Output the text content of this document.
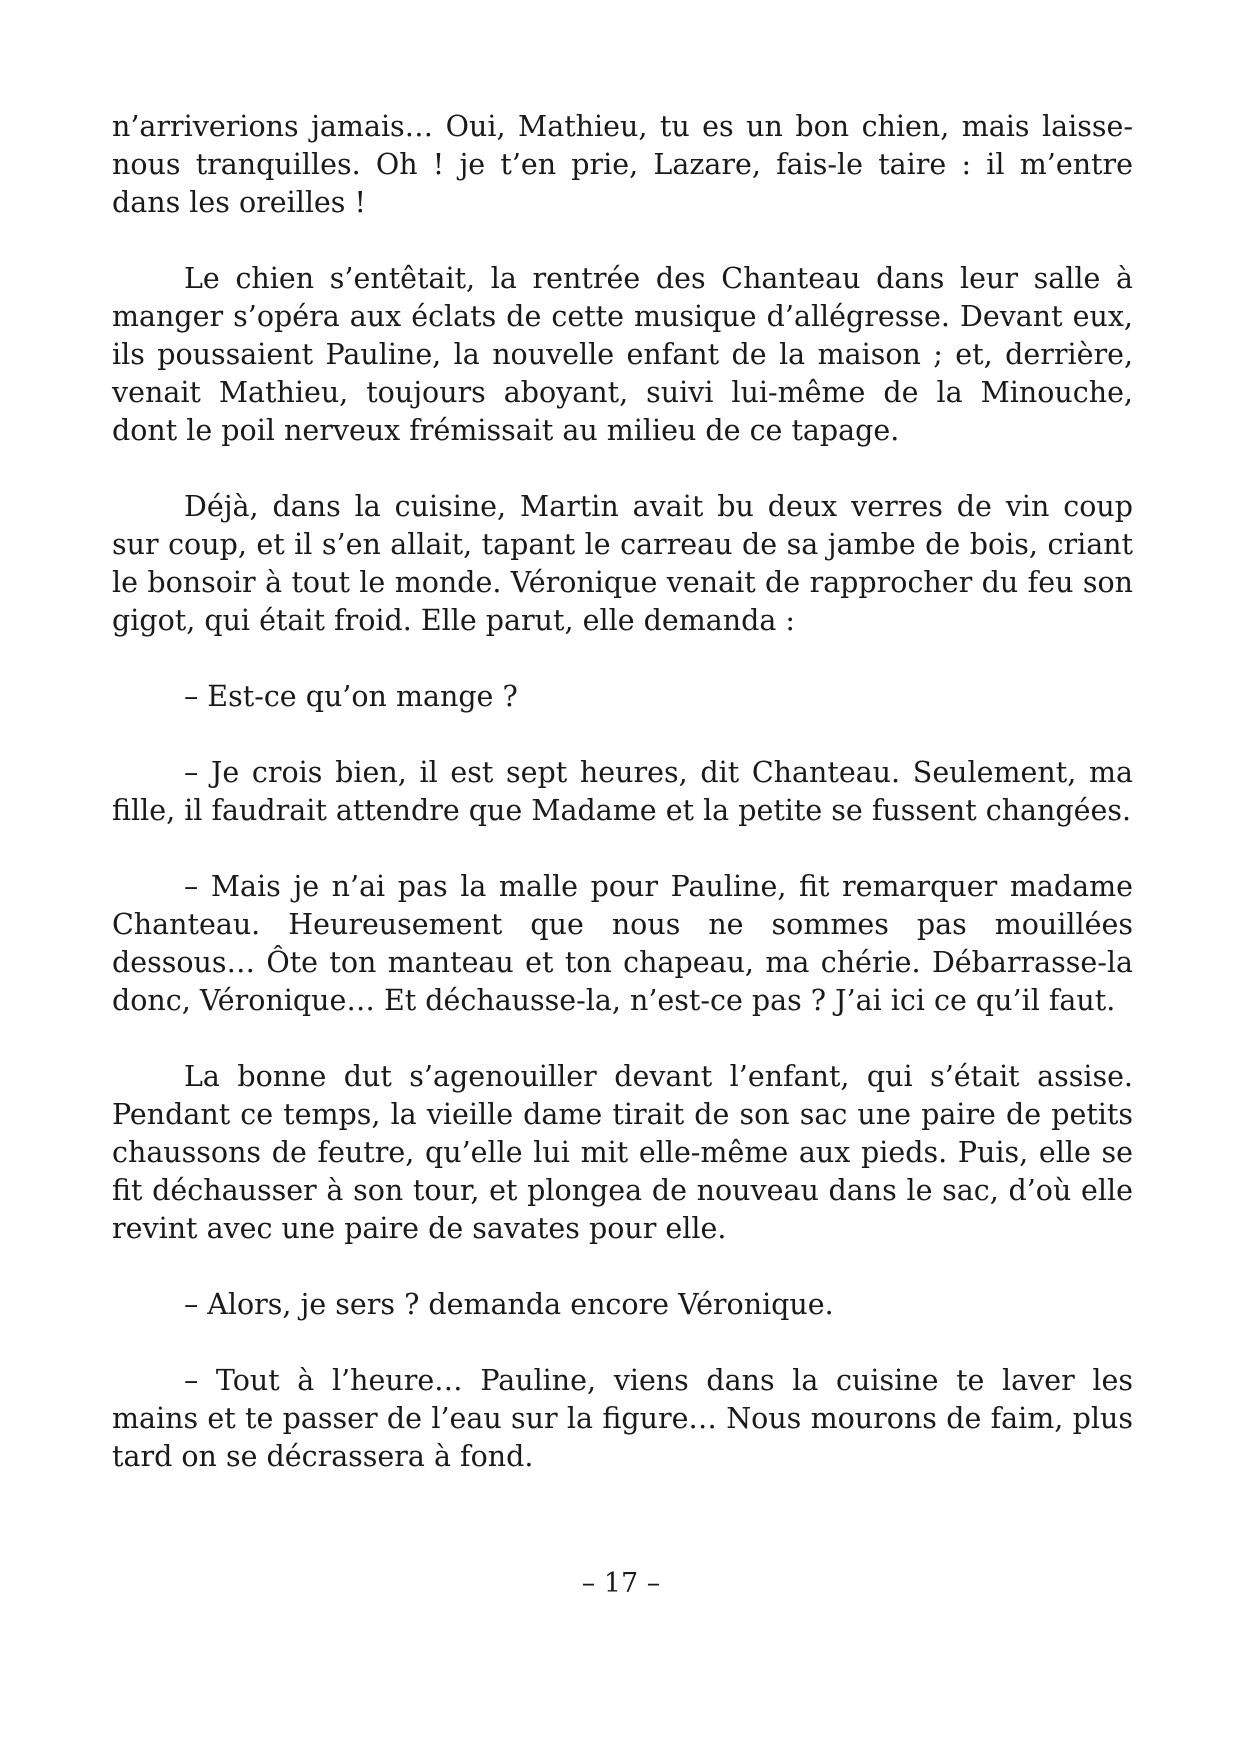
n’arriverions jamais… Oui, Mathieu, tu es un bon chien, mais laisse-nous tranquilles. Oh ! je t’en prie, Lazare, fais-le taire : il m’entre dans les oreilles !

Le chien s’entêtait, la rentrée des Chanteau dans leur salle à manger s’opéra aux éclats de cette musique d’allégresse. Devant eux, ils poussaient Pauline, la nouvelle enfant de la maison ; et, derrière, venait Mathieu, toujours aboyant, suivi lui-même de la Minouche, dont le poil nerveux frémissait au milieu de ce tapage.

Déjà, dans la cuisine, Martin avait bu deux verres de vin coup sur coup, et il s’en allait, tapant le carreau de sa jambe de bois, criant le bonsoir à tout le monde. Véronique venait de rapprocher du feu son gigot, qui était froid. Elle parut, elle demanda :

– Est-ce qu’on mange ?

– Je crois bien, il est sept heures, dit Chanteau. Seulement, ma fille, il faudrait attendre que Madame et la petite se fussent changées.

– Mais je n’ai pas la malle pour Pauline, fit remarquer madame Chanteau. Heureusement que nous ne sommes pas mouillées dessous… Ôte ton manteau et ton chapeau, ma chérie. Débarrasse-la donc, Véronique… Et déchausse-la, n’est-ce pas ? J’ai ici ce qu’il faut.

La bonne dut s’agenouiller devant l’enfant, qui s’était assise. Pendant ce temps, la vieille dame tirait de son sac une paire de petits chaussons de feutre, qu’elle lui mit elle-même aux pieds. Puis, elle se fit déchausser à son tour, et plongea de nouveau dans le sac, d’où elle revint avec une paire de savates pour elle.

– Alors, je sers ? demanda encore Véronique.

– Tout à l’heure… Pauline, viens dans la cuisine te laver les mains et te passer de l’eau sur la figure… Nous mourons de faim, plus tard on se décrassera à fond.

– 17 –
